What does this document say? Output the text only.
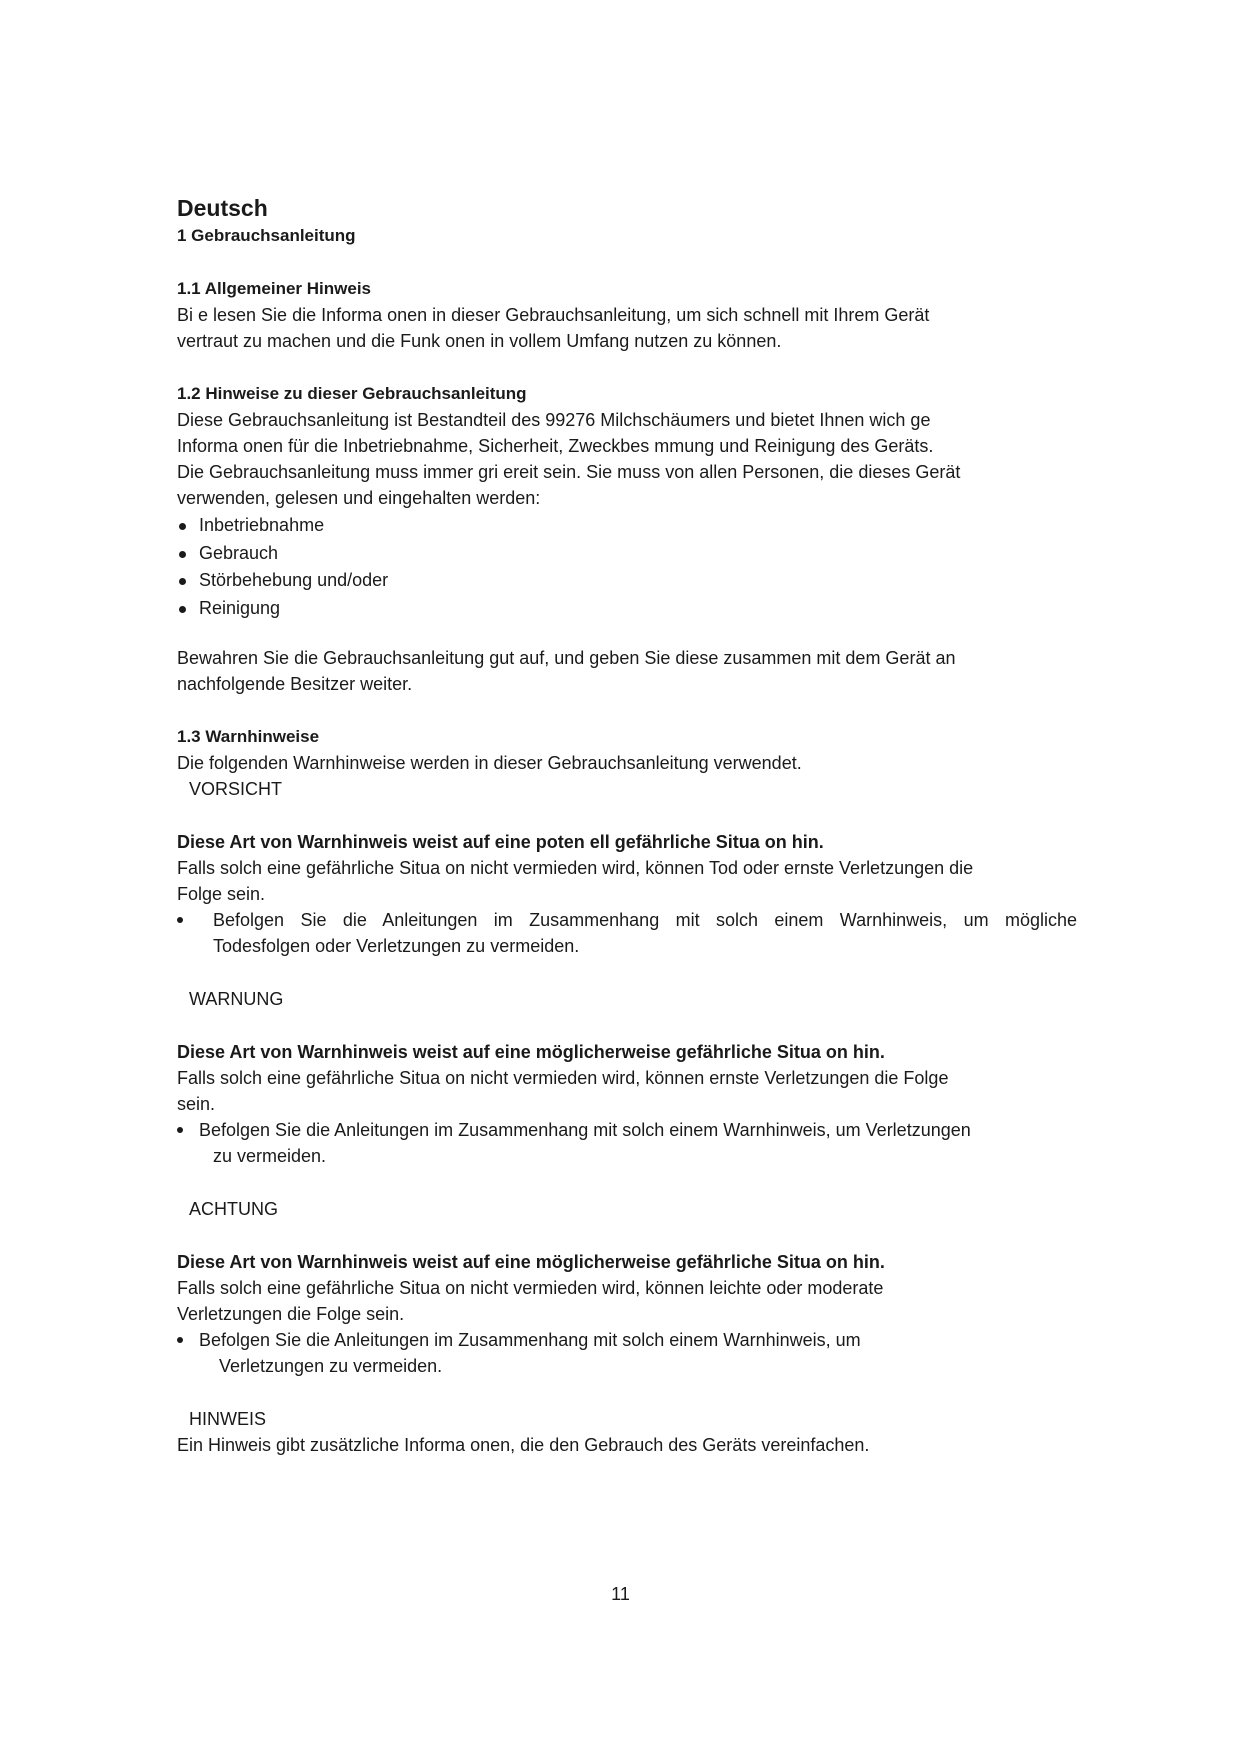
Deutsch

1 Gebrauchsanleitung

1.1 Allgemeiner Hinweis

Bi e lesen Sie die Informa onen in dieser Gebrauchsanleitung, um sich schnell mit Ihrem Gerät

vertraut zu machen und die Funk onen in vollem Umfang nutzen zu können.

1.2 Hinweise zu dieser Gebrauchsanleitung

Diese Gebrauchsanleitung ist Bestandteil des 99276 Milchschäumers und bietet Ihnen wich ge

Informa onen für die Inbetriebnahme, Sicherheit, Zweckbes mmung und Reinigung des Geräts.

Die Gebrauchsanleitung muss immer gri ereit sein. Sie muss von allen Personen, die dieses Gerät

verwenden, gelesen und eingehalten werden:

Inbetriebnahme
Gebrauch
Störbehebung und/oder
Reinigung

Bewahren Sie die Gebrauchsanleitung gut auf, und geben Sie diese zusammen mit dem Gerät an

nachfolgende Besitzer weiter.

1.3 Warnhinweise

Die folgenden Warnhinweise werden in dieser Gebrauchsanleitung verwendet.

VORSICHT

Diese Art von Warnhinweis weist auf eine poten ell gefährliche Situa on hin.

Falls solch eine gefährliche Situa on nicht vermieden wird, können Tod oder ernste Verletzungen die

Folge sein.

Befolgen Sie die Anleitungen im Zusammenhang mit solch einem Warnhinweis, um mögliche

Todesfolgen oder Verletzungen zu vermeiden.

WARNUNG

Diese Art von Warnhinweis weist auf eine möglicherweise gefährliche Situa on hin.

Falls solch eine gefährliche Situa on nicht vermieden wird, können ernste Verletzungen die Folge

sein.

Befolgen Sie die Anleitungen im Zusammenhang mit solch einem Warnhinweis, um Verletzungen

zu vermeiden.

ACHTUNG

Diese Art von Warnhinweis weist auf eine möglicherweise gefährliche Situa on hin.

Falls solch eine gefährliche Situa on nicht vermieden wird, können leichte oder moderate

Verletzungen die Folge sein.

Befolgen Sie die Anleitungen im Zusammenhang mit solch einem Warnhinweis, um

Verletzungen zu vermeiden.

HINWEIS

Ein Hinweis gibt zusätzliche Informa onen, die den Gebrauch des Geräts vereinfachen.

11
